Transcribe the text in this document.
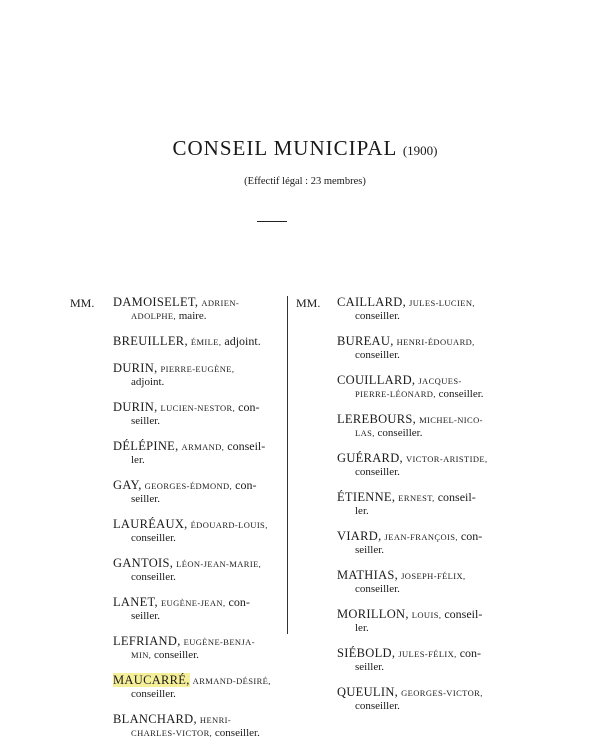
CONSEIL MUNICIPAL (1900)
(Effectif légal : 23 membres)
MM.	MM.
DAMOISELET, ADRIEN-
ADOLPHE, maire.
BREUILLER, ÉMILE, adjoint.
DURIN, PIERRE-EUGÈNE,
adjoint.
DURIN, LUCIEN-NESTOR, con-
seiller.
DÉLÉPINE, ARMAND, conseil-
ler.
GAY, GEORGES-ÉDMOND, con-
seiller.
LAURÉAUX, ÉDOUARD-LOUIS,
conseiller.
GANTOIS, LÉON-JEAN-MARIE,
conseiller.
LANET, EUGÈNE-JEAN, con-
seiller.
LEFRIAND, EUGÈNE-BENJA-
MIN, conseiller.
MAUCARRÉ, ARMAND-DÉSIRÉ,
conseiller.
BLANCHARD, HENRI-
CHARLES-VICTOR, conseiller.
CAILLARD, JULES-LUCIEN,
conseiller.
BUREAU, HENRI-ÉDOUARD,
conseiller.
COUILLARD, JACQUES-
PIERRE-LÉONARD, conseiller.
LEREBOURS, MICHEL-NICO-
LAS, conseiller.
GUÉRARD, VICTOR-ARISTIDE,
conseiller.
ÉTIENNE, ERNEST, conseil-
ler.
VIARD, JEAN-FRANÇOIS, con-
seiller.
MATHIAS, JOSEPH-FÉLIX,
conseiller.
MORILLON, LOUIS, conseil-
ler.
SIÉBOLD, JULES-FÉLIX, con-
seiller.
QUEULIN, GEORGES-VICTOR,
conseiller.
